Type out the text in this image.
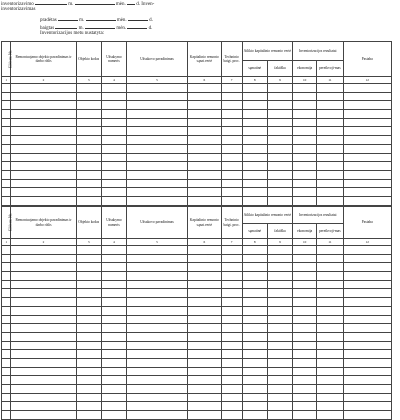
inventorizavimo	m.	mėn. d. Inven-
inventorizavimas
pradėtas	m.	mėn.	d.
baigtas	m.	mėn.	d.
Inventorizacijos metu nustatyta:
Eilės nr. Nr.	Remontuojamo objekto pavadinimas ir darbo rūšis	Objekto kodas	Užsakymo numeris	Užsakovo pavadinimas	Kapitalinio remonto sąnat.vertė	Techninio baigt. proc.	Atlikto kapitalinio remonto vertė		Inventorizacijos rezultatai		Pastaba
							sąmatinė	faktiška	ekonomija	pereikvoji-mas	
1	2	3	4	5	6	7	8	9	10	11	12

Eilės nr. Nr.	Remontuojamo objekto pavadinimas ir darbo rūšis	Objekto kodas	Užsakymo numeris	Užsakovo pavadinimas	Kapitalinio remonto sąnat.vertė	Techninio baigt. proc.	Atlikto kapitalinio remonto vertė		Inventorizacijos rezultatai		Pastaba
							sąmatinė	faktiška	ekonomija	pereikvoji-mas	
1	2	3	4	5	6	7	8	9	10	11	12
